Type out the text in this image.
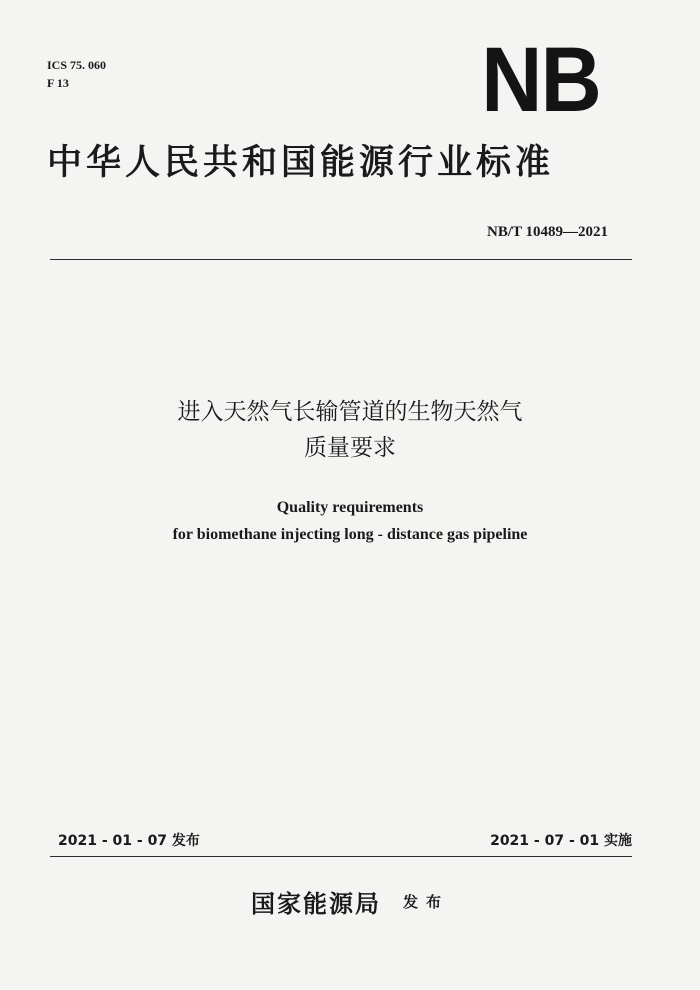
ICS 75. 060
F 13	NB
中华人民共和国能源行业标准
NB/T 10489—2021
进入天然气长输管道的生物天然气
质量要求
Quality requirements
for biomethane injecting long - distance gas pipeline
2021 - 01 - 07 发布	2021 - 07 - 01 实施
国家能源局 发布
